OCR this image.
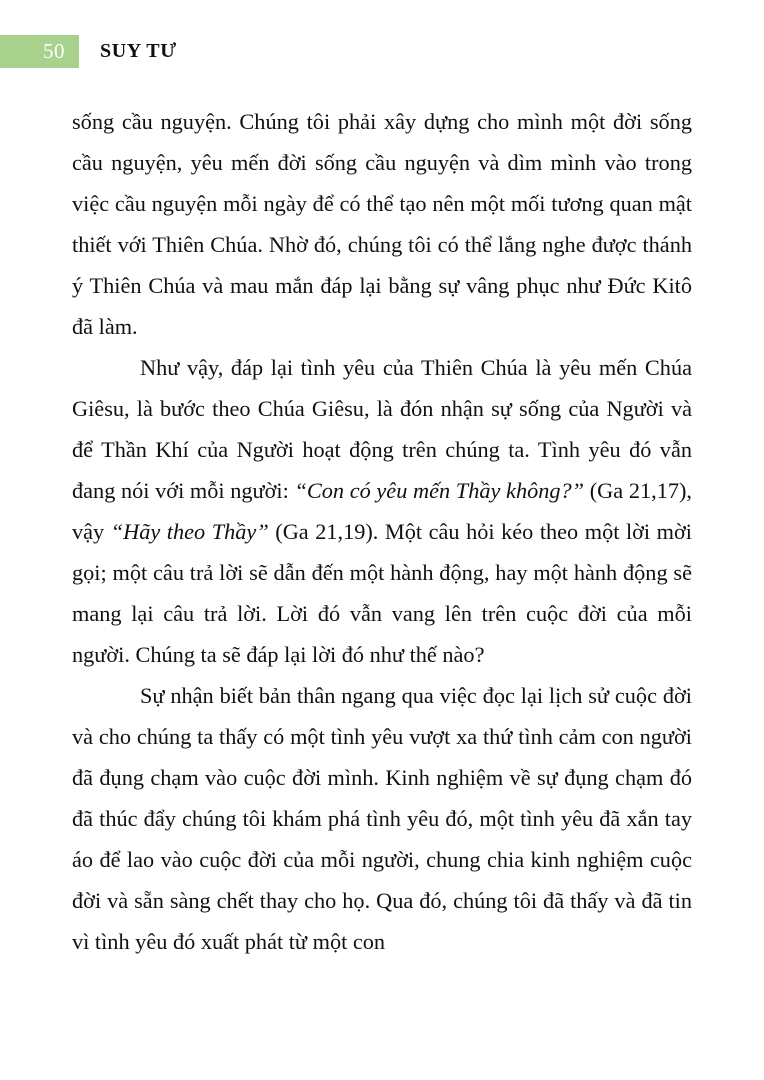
50 SUY TƯ

sống cầu nguyện. Chúng tôi phải xây dựng cho mình một đời sống cầu nguyện, yêu mến đời sống cầu nguyện và dìm mình vào trong việc cầu nguyện mỗi ngày để có thể tạo nên một mối tương quan mật thiết với Thiên Chúa. Nhờ đó, chúng tôi có thể lắng nghe được thánh ý Thiên Chúa và mau mắn đáp lại bằng sự vâng phục như Đức Kitô đã làm.

Như vậy, đáp lại tình yêu của Thiên Chúa là yêu mến Chúa Giêsu, là bước theo Chúa Giêsu, là đón nhận sự sống của Người và để Thần Khí của Người hoạt động trên chúng ta. Tình yêu đó vẫn đang nói với mỗi người: “Con có yêu mến Thầy không?” (Ga 21,17), vậy “Hãy theo Thầy” (Ga 21,19). Một câu hỏi kéo theo một lời mời gọi; một câu trả lời sẽ dẫn đến một hành động, hay một hành động sẽ mang lại câu trả lời. Lời đó vẫn vang lên trên cuộc đời của mỗi người. Chúng ta sẽ đáp lại lời đó như thế nào?

Sự nhận biết bản thân ngang qua việc đọc lại lịch sử cuộc đời và cho chúng ta thấy có một tình yêu vượt xa thứ tình cảm con người đã đụng chạm vào cuộc đời mình. Kinh nghiệm về sự đụng chạm đó đã thúc đẩy chúng tôi khám phá tình yêu đó, một tình yêu đã xắn tay áo để lao vào cuộc đời của mỗi người, chung chia kinh nghiệm cuộc đời và sẵn sàng chết thay cho họ. Qua đó, chúng tôi đã thấy và đã tin vì tình yêu đó xuất phát từ một con
